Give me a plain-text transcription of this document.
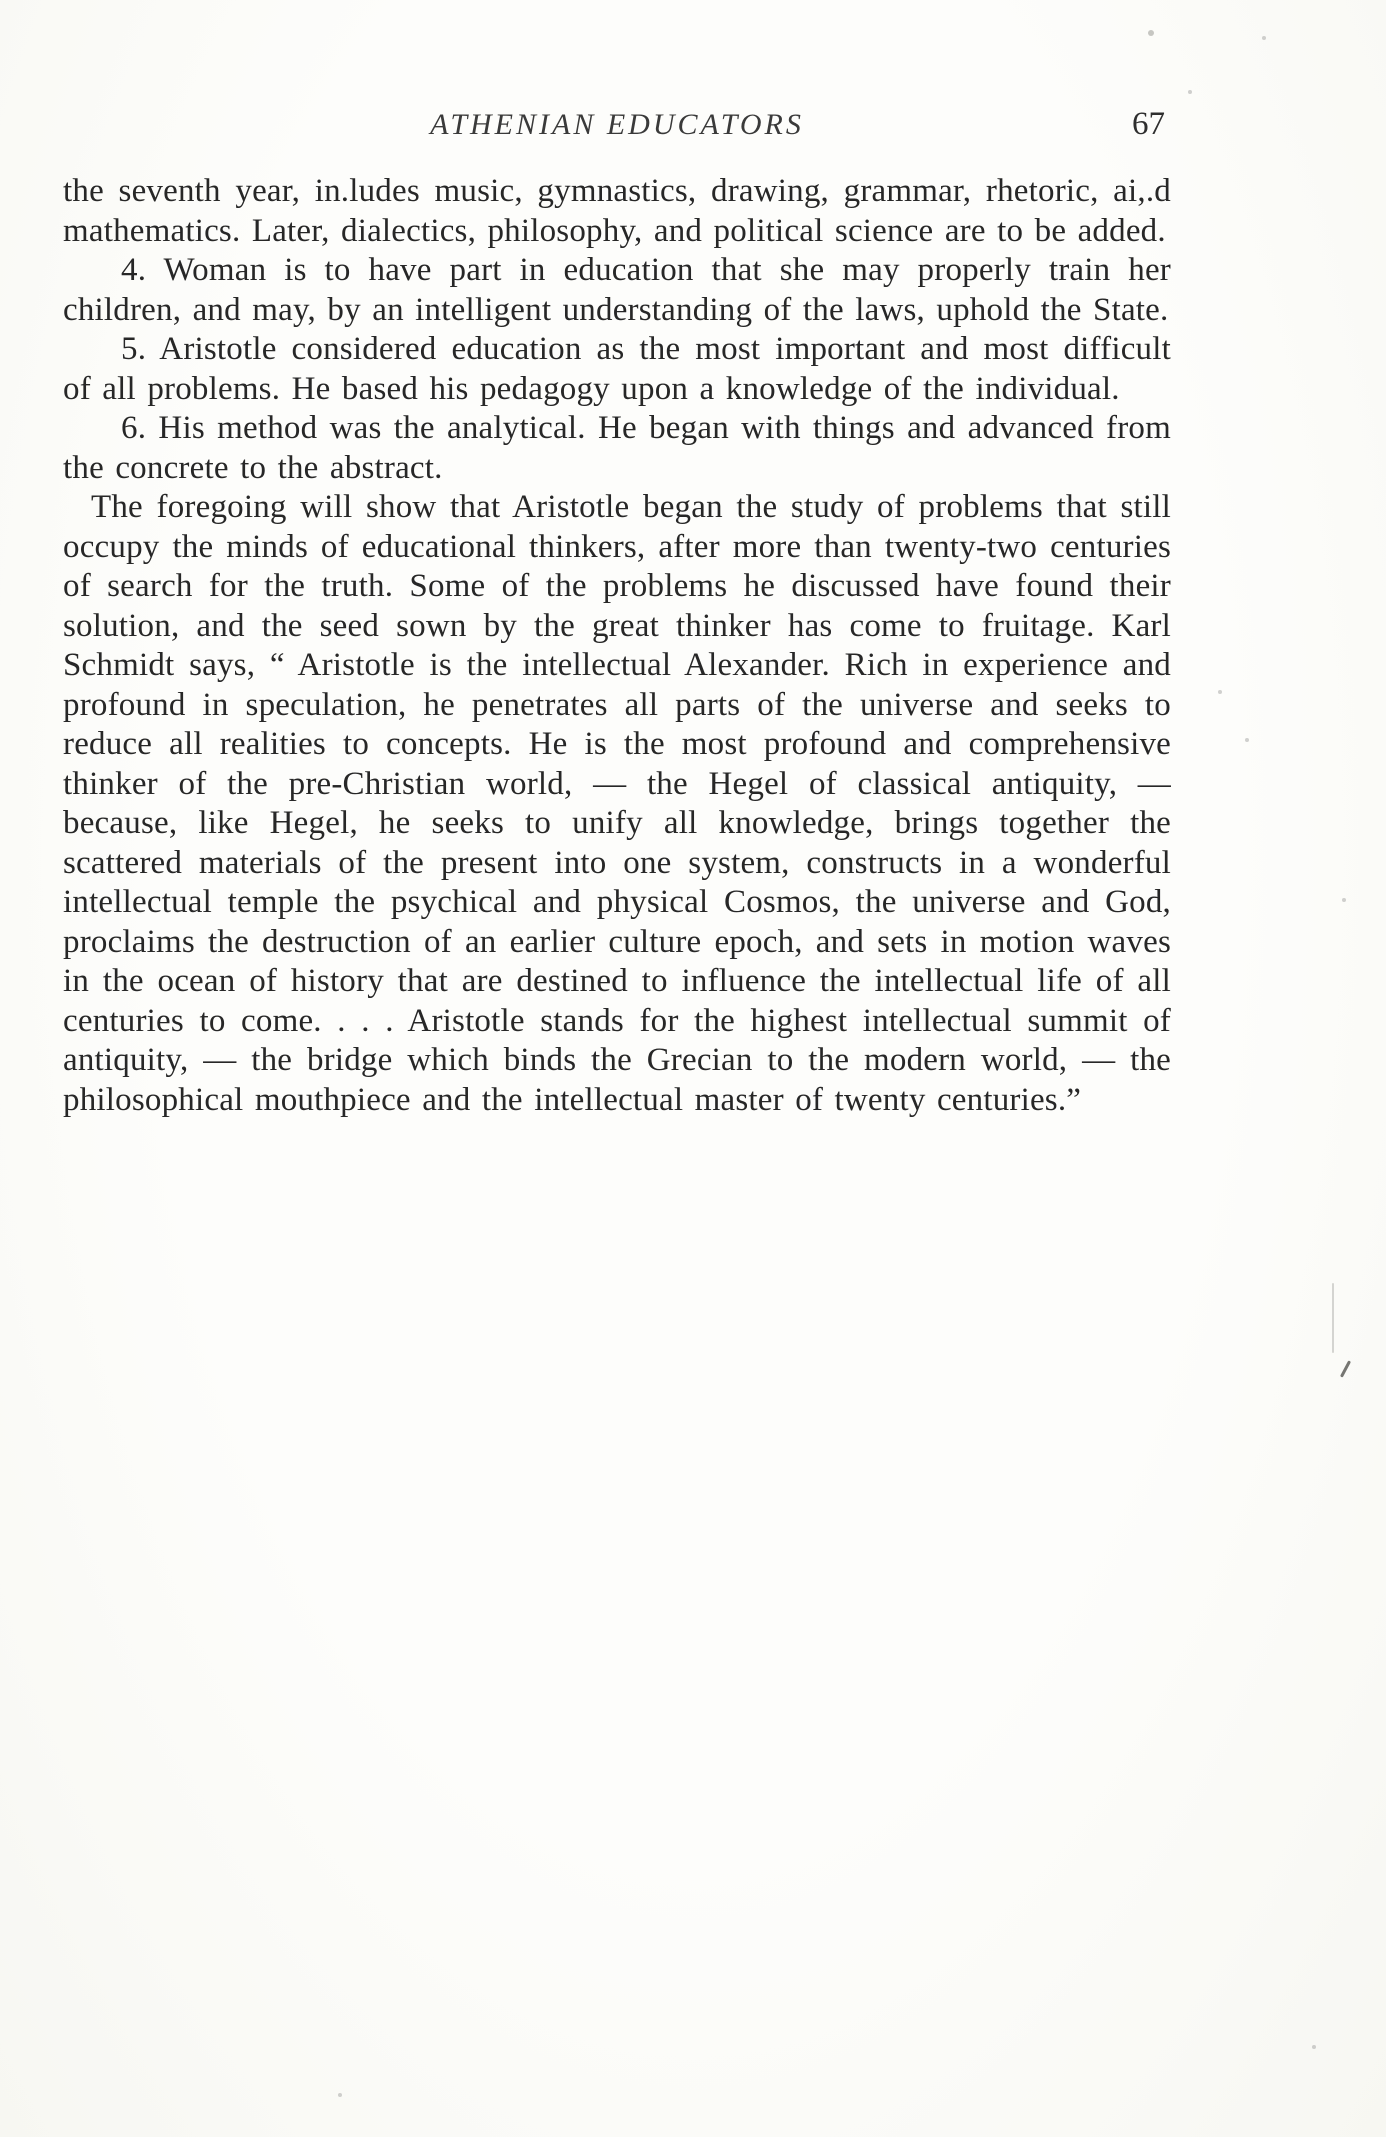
ATHENIAN EDUCATORS	67

the seventh year, in.ludes music, gymnastics, drawing, grammar, rhetoric, ai,.d mathematics. Later, dialectics, philosophy, and political science are to be added.

4. Woman is to have part in education that she may properly train her children, and may, by an intelligent understanding of the laws, uphold the State.

5. Aristotle considered education as the most important and most difficult of all problems. He based his pedagogy upon a knowledge of the individual.

6. His method was the analytical. He began with things and advanced from the concrete to the abstract.

The foregoing will show that Aristotle began the study of problems that still occupy the minds of educational thinkers, after more than twenty-two centuries of search for the truth. Some of the problems he discussed have found their solution, and the seed sown by the great thinker has come to fruitage. Karl Schmidt says, “ Aristotle is the intellectual Alexander. Rich in experience and profound in speculation, he penetrates all parts of the universe and seeks to reduce all realities to concepts. He is the most profound and comprehensive thinker of the pre-Christian world, — the Hegel of classical antiquity, — because, like Hegel, he seeks to unify all knowledge, brings together the scattered materials of the present into one system, constructs in a wonderful intellectual temple the psychical and physical Cosmos, the universe and God, proclaims the destruction of an earlier culture epoch, and sets in motion waves in the ocean of history that are destined to influence the intellectual life of all centuries to come. . . . Aristotle stands for the highest intellectual summit of antiquity, — the bridge which binds the Grecian to the modern world, — the philosophical mouthpiece and the intellectual master of twenty centuries.”
